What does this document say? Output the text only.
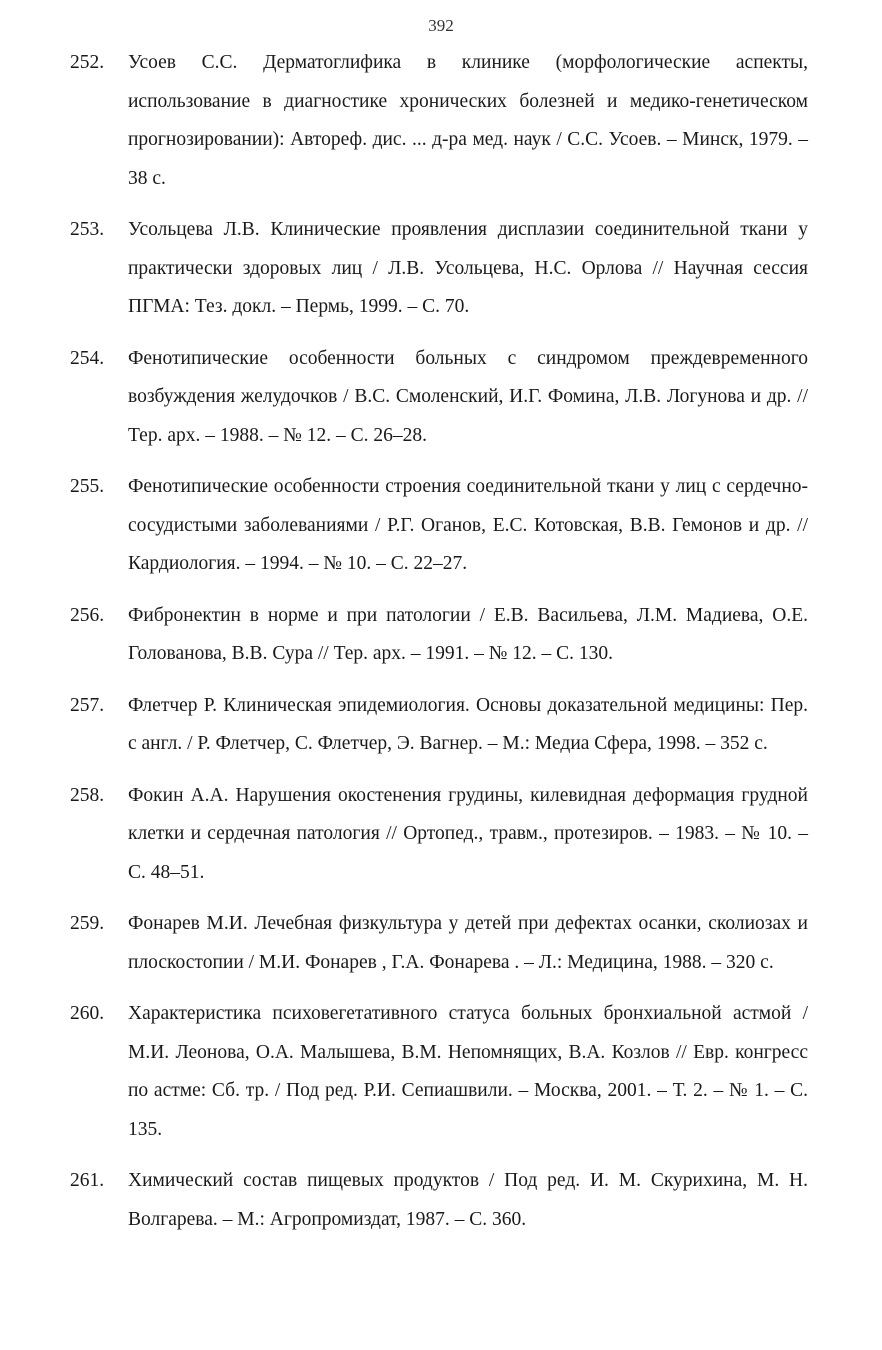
392
252.	Усоев С.С. Дерматоглифика в клинике (морфологические аспекты, использование в диагностике хронических болезней и медико-генетическом прогнозировании): Автореф. дис. ... д-ра мед. наук / С.С. Усоев. – Минск, 1979. – 38 с.
253.	Усольцева Л.В. Клинические проявления дисплазии соединительной ткани у практически здоровых лиц / Л.В. Усольцева, Н.С. Орлова // Научная сессия ПГМА: Тез. докл. – Пермь, 1999. – С. 70.
254.	Фенотипические особенности больных с синдромом преждевременного возбуждения желудочков / В.С. Смоленский, И.Г. Фомина, Л.В. Логунова и др. // Тер. арх. – 1988. – № 12. – С. 26–28.
255.	Фенотипические особенности строения соединительной ткани у лиц с сердечно-сосудистыми заболеваниями / Р.Г. Оганов, Е.С. Котовская, В.В. Гемонов и др. // Кардиология. – 1994. – № 10. – С. 22–27.
256.	Фибронектин в норме и при патологии / Е.В. Васильева, Л.М. Мадиева, О.Е. Голованова, В.В. Сура // Тер. арх. – 1991. – № 12. – С. 130.
257.	Флетчер Р. Клиническая эпидемиология. Основы доказательной медицины: Пер. с англ. / Р. Флетчер, С. Флетчер, Э. Вагнер. – М.: Медиа Сфера, 1998. – 352 с.
258.	Фокин А.А. Нарушения окостенения грудины, килевидная деформация грудной клетки и сердечная патология // Ортопед., травм., протезиров. – 1983. – № 10. – С. 48–51.
259.	Фонарев М.И. Лечебная физкультура у детей при дефектах осанки, сколиозах и плоскостопии / М.И. Фонарев , Г.А. Фонарева . – Л.: Медицина, 1988. – 320 с.
260.	Характеристика психовегетативного статуса больных бронхиальной астмой / М.И. Леонова, О.А. Малышева, В.М. Непомнящих, В.А. Козлов // Евр. конгресс по астме: Сб. тр. / Под ред. Р.И. Сепиашвили. – Москва, 2001. – Т. 2. – № 1. – С. 135.
261.	Химический состав пищевых продуктов / Под ред. И. М. Скурихина, М. Н. Волгарева. – М.: Агропромиздат, 1987. – С. 360.
